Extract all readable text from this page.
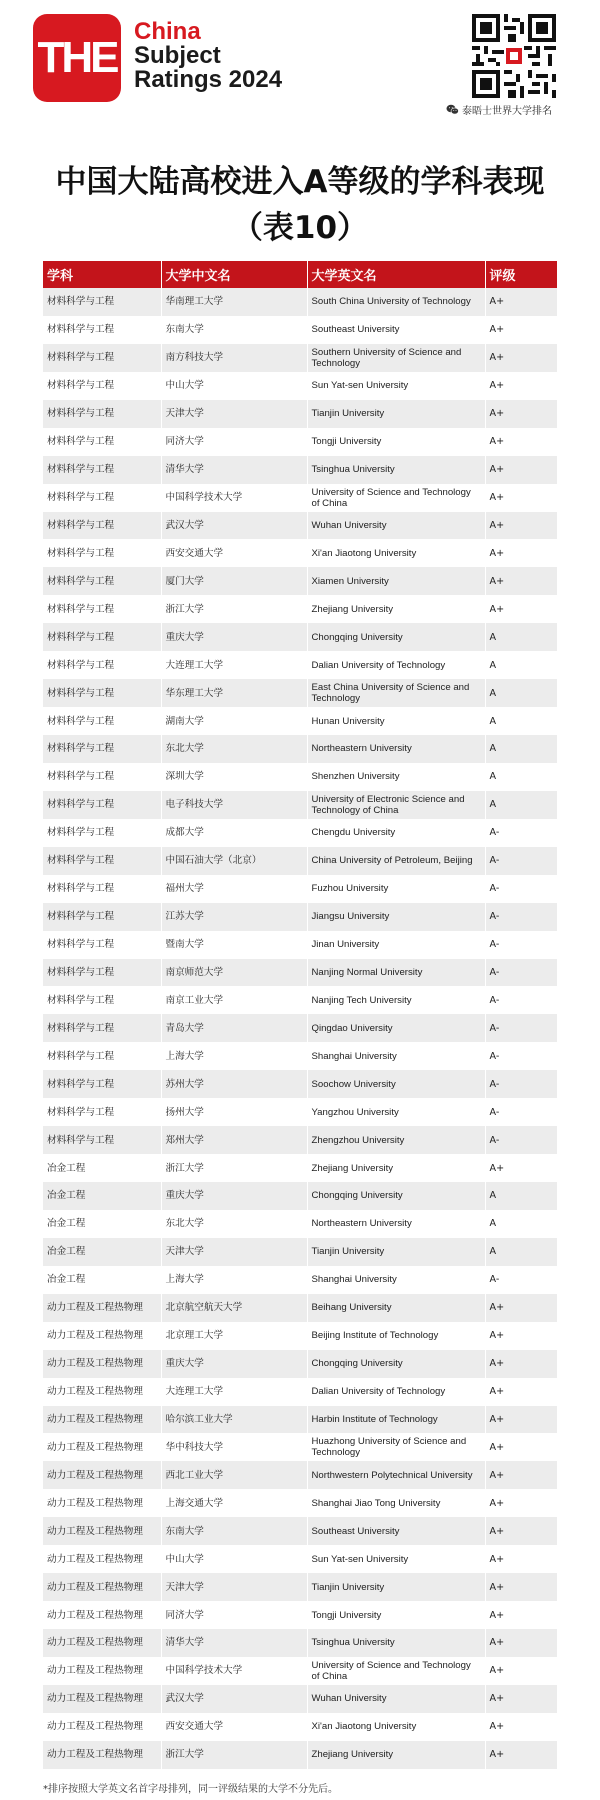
THE
China
Subject
Ratings 2024
泰晤士世界大学排名
中国大陆高校进入A等级的学科表现
（表10）
学科	大学中文名	大学英文名	评级
材料科学与工程	华南理工大学	South China University of Technology	A+
材料科学与工程	东南大学	Southeast University	A+
材料科学与工程	南方科技大学	Southern University of Science and Technology	A+
材料科学与工程	中山大学	Sun Yat-sen University	A+
材料科学与工程	天津大学	Tianjin University	A+
材料科学与工程	同济大学	Tongji University	A+
材料科学与工程	清华大学	Tsinghua University	A+
材料科学与工程	中国科学技术大学	University of Science and Technology of China	A+
材料科学与工程	武汉大学	Wuhan University	A+
材料科学与工程	西安交通大学	Xi'an Jiaotong University	A+
材料科学与工程	厦门大学	Xiamen University	A+
材料科学与工程	浙江大学	Zhejiang University	A+
材料科学与工程	重庆大学	Chongqing University	A
材料科学与工程	大连理工大学	Dalian University of Technology	A
材料科学与工程	华东理工大学	East China University of Science and Technology	A
材料科学与工程	湖南大学	Hunan University	A
材料科学与工程	东北大学	Northeastern University	A
材料科学与工程	深圳大学	Shenzhen University	A
材料科学与工程	电子科技大学	University of Electronic Science and Technology of China	A
材料科学与工程	成都大学	Chengdu University	A-
材料科学与工程	中国石油大学（北京）	China University of Petroleum, Beijing	A-
材料科学与工程	福州大学	Fuzhou University	A-
材料科学与工程	江苏大学	Jiangsu University	A-
材料科学与工程	暨南大学	Jinan University	A-
材料科学与工程	南京师范大学	Nanjing Normal University	A-
材料科学与工程	南京工业大学	Nanjing Tech University	A-
材料科学与工程	青岛大学	Qingdao University	A-
材料科学与工程	上海大学	Shanghai University	A-
材料科学与工程	苏州大学	Soochow University	A-
材料科学与工程	扬州大学	Yangzhou University	A-
材料科学与工程	郑州大学	Zhengzhou University	A-
冶金工程	浙江大学	Zhejiang University	A+
冶金工程	重庆大学	Chongqing University	A
冶金工程	东北大学	Northeastern University	A
冶金工程	天津大学	Tianjin University	A
冶金工程	上海大学	Shanghai University	A-
动力工程及工程热物理	北京航空航天大学	Beihang University	A+
动力工程及工程热物理	北京理工大学	Beijing Institute of Technology	A+
动力工程及工程热物理	重庆大学	Chongqing University	A+
动力工程及工程热物理	大连理工大学	Dalian University of Technology	A+
动力工程及工程热物理	哈尔滨工业大学	Harbin Institute of Technology	A+
动力工程及工程热物理	华中科技大学	Huazhong University of Science and Technology	A+
动力工程及工程热物理	西北工业大学	Northwestern Polytechnical University	A+
动力工程及工程热物理	上海交通大学	Shanghai Jiao Tong University	A+
动力工程及工程热物理	东南大学	Southeast University	A+
动力工程及工程热物理	中山大学	Sun Yat-sen University	A+
动力工程及工程热物理	天津大学	Tianjin University	A+
动力工程及工程热物理	同济大学	Tongji University	A+
动力工程及工程热物理	清华大学	Tsinghua University	A+
动力工程及工程热物理	中国科学技术大学	University of Science and Technology of China	A+
动力工程及工程热物理	武汉大学	Wuhan University	A+
动力工程及工程热物理	西安交通大学	Xi'an Jiaotong University	A+
动力工程及工程热物理	浙江大学	Zhejiang University	A+
*排序按照大学英文名首字母排列，同一评级结果的大学不分先后。
